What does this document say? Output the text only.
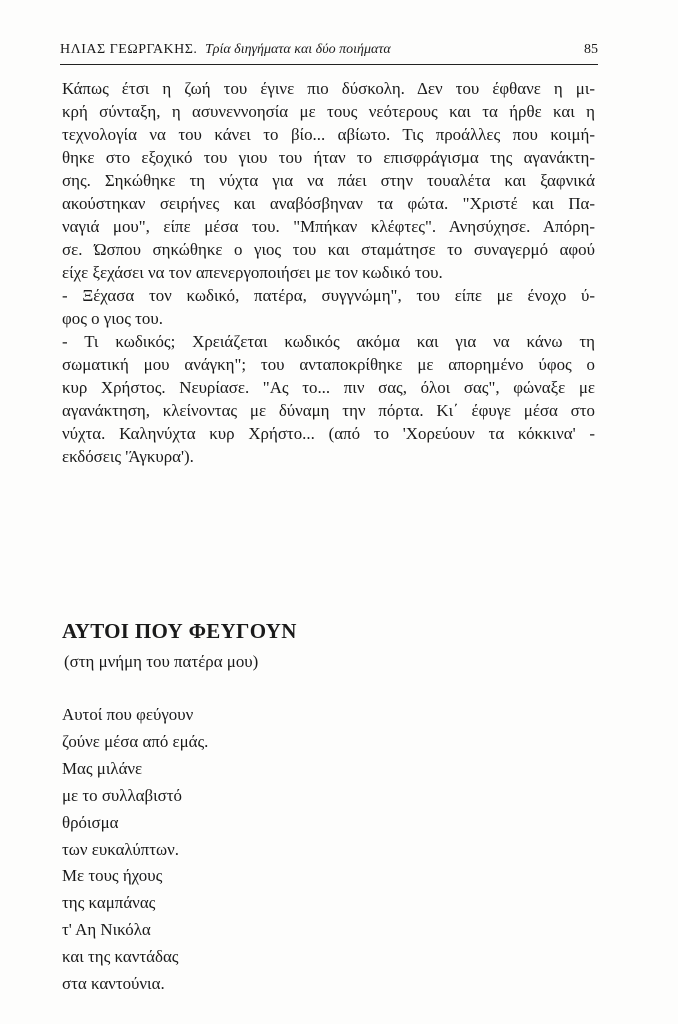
ΗΛΙΑΣ ΓΕΩΡΓΑΚΗΣ. Τρία διηγήματα και δύο ποιήματα	85
Κάπως έτσι η ζωή του έγινε πιο δύσκολη. Δεν του έφθανε η μι-
κρή σύνταξη, η ασυνεννοησία με τους νεότερους και τα ήρθε και η
τεχνολογία να του κάνει το βίο... αβίωτο. Τις προάλλες που κοιμή-
θηκε στο εξοχικό του γιου του ήταν το επισφράγισμα της αγανάκτη-
σης. Σηκώθηκε τη νύχτα για να πάει στην τουαλέτα και ξαφνικά
ακούστηκαν σειρήνες και αναβόσβηναν τα φώτα. "Χριστέ και Πα-
ναγιά μου", είπε μέσα του. "Μπήκαν κλέφτες". Ανησύχησε. Απόρη-
σε. Ώσπου σηκώθηκε ο γιος του και σταμάτησε το συναγερμό αφού
είχε ξεχάσει να τον απενεργοποιήσει με τον κωδικό του.
- Ξέχασα τον κωδικό, πατέρα, συγγνώμη", του είπε με ένοχο ύ-
φος ο γιος του.
- Τι κωδικός; Χρειάζεται κωδικός ακόμα και για να κάνω τη
σωματική μου ανάγκη"; του ανταποκρίθηκε με απορημένο ύφος ο
κυρ Χρήστος. Νευρίασε. "Ας το... πιν σας, όλοι σας", φώναξε με
αγανάκτηση, κλείνοντας με δύναμη την πόρτα. Κι΄ έφυγε μέσα στο
νύχτα. Καληνύχτα κυρ Χρήστο... (από το 'Χορεύουν τα κόκκινα' -
εκδόσεις 'Άγκυρα').
ΑΥΤΟΙ ΠΟΥ ΦΕΥΓΟΥΝ

(στη μνήμη του πατέρα μου)

Αυτοί που φεύγουν
ζούνε μέσα από εμάς.
Μας μιλάνε
με το συλλαβιστό
θρόισμα
των ευκαλύπτων.
Με τους ήχους
της καμπάνας
τ' Αη Νικόλα
και της καντάδας
στα καντούνια.
